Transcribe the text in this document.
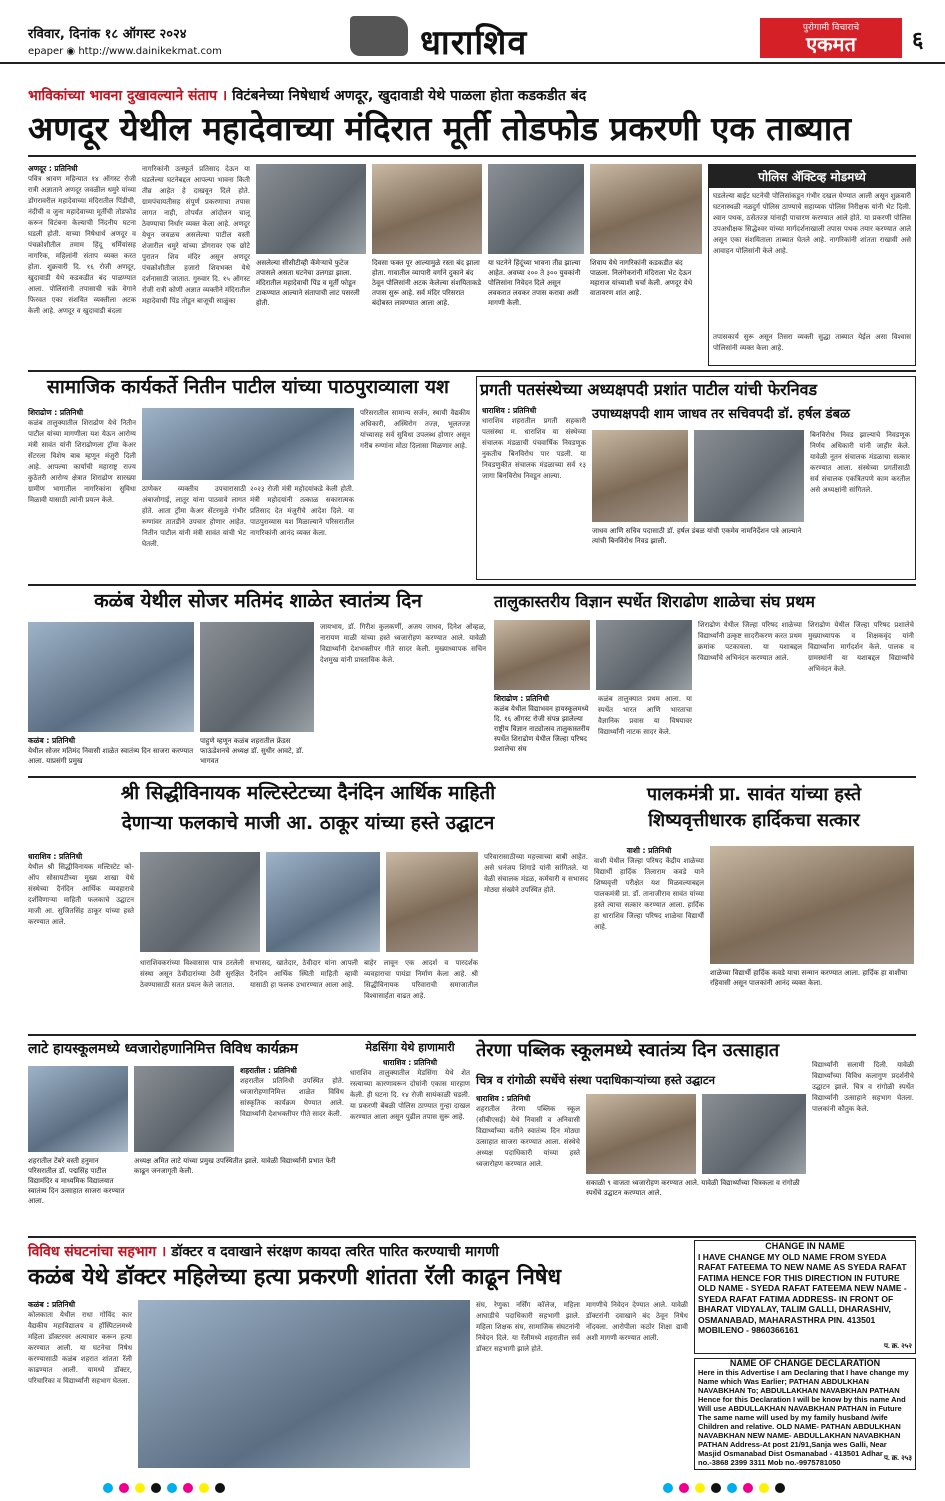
रविवार, दिनांक १८ ऑगस्ट २०२४
epaper ◉ http://www.dainikekmat.com	धाराशिव	पुरोगामी विचाराचे
एकमत	६
भाविकांच्या भावना दुखावल्याने संताप । विटंबनेच्या निषेधार्थ अणदूर, खुदावाडी येथे पाळला होता कडकडीत बंद
अणदूर येथील महादेवाच्या मंदिरात मूर्ती तोडफोड प्रकरणी एक ताब्यात
अणदूर : प्रतिनिधी
पवित्र श्रावण महिन्यात १४ ऑगस्ट रोजी रात्री अज्ञाताने अणदूर जवळील धमुरे यांच्या डोंगरावरील महादेवाच्या मंदिरातील पिंडीची, नंदीची व जुना महादेवाच्या मूर्तीची तोडफोड करून विटंबना केल्याची निंदनीय घटना घडली होती. याच्या निषेधार्थ अणदूर व पंचक्रोशीतील तमाम हिंदू धर्मियांसह नागरिक, महिलांनी संताप व्यक्त करत होता. शुक्रवारी दि. १६ रोजी अणदूर, खुदावाडी येथे कडकडीत बंद पाळण्यात आला. पोलिसांनी तपासाची चक्रे वेगाने फिरवत एका संशयित व्यक्तीला अटक केली आहे. अणदूर व खुदावाडी बंदला
नागरिकांनी उत्स्फूर्त प्रतिसाद देऊन या घडलेल्या घटनेबद्दल आपल्या भावना किती तीव्र आहेत हे दाखवून दिले होते. ग्रामपंचायतीसह संपूर्ण प्रकरणाचा तपास लागत नाही, तोपर्यंत आंदोलन चालू ठेवण्याचा निर्धार व्यक्त केला आहे. अणदूर येथून जवळच असलेल्या पाटील वस्ती शेजारील धमुरे यांच्या डोंगरावर एक छोटे पुरातन शिव मंदिर असून अणदूर पंचक्रोशीतील हजारो शिवभक्त येथे दर्शनासाठी जातात. गुरुवार दि. १५ ऑगस्ट रोजी रात्री कोणी अज्ञात व्यक्तीने मंदिरातील महादेवाची पिंड तोडून बाजूची साळुंका
असलेल्या सीसीटीव्ही कॅमेऱ्याचे फुटेज तपासले असता घटनेचा उलगडा झाला. मंदिरातील महादेवाची पिंड व मूर्ती फोडून टाकण्यात आल्याने संतापाची लाट पसरली होती.
दिवसा फक्त पूर आल्यामुळे रस्ता बंद झाला होता. गावातील व्यापारी वर्गाने दुकाने बंद ठेवून पोलिसांनी अटक केलेल्या संशयिताकडे तपास सुरू आहे. सर्व मंदिर परिसरात बंदोबस्त लावण्यात आला आहे.
या घटनेने हिंदूंच्या भावना तीव्र झाल्या आहेत. अवघ्या २०० ते ३०० युवकांनी पोलिसांना निवेदन दिले असून लवकरात लवकर तपास करावा अशी मागणी केली.
शिवाय येथे नागरिकांनी कडकडीत बंद पाळला. निलंगेकरांनी मंदिराला भेट देऊन महाराज यांच्याशी चर्चा केली. अणदूर येथे वातावरण शांत आहे.
पोलिस ॲक्टिव्ह मोडमध्ये
घडलेल्या बाईट घटनेची पोलिसांकडून गंभीर दखल घेण्यात आली असून शुक्रवारी घटनास्थळी नळदुर्ग पोलिस ठाण्याचे सहाय्यक पोलिस निरीक्षक यांनी भेट दिली. श्वान पथक, ठसेतज्ज्ञ यांनाही पाचारण करण्यात आले होते. या प्रकरणी पोलिस उपअधीक्षक सिद्धेश्वर यांच्या मार्गदर्शनाखाली तपास पथक तयार करण्यात आले असून एका संशयिताला ताब्यात घेतले आहे. नागरिकांनी शांतता राखावी असे आवाहन पोलिसांनी केले आहे.
तपासकार्य सुरू असून तिसरा व्यक्ती सुद्धा ताब्यात येईल असा विश्वास पोलिसांनी व्यक्त केला आहे.
सामाजिक कार्यकर्ते नितीन पाटील यांच्या पाठपुराव्याला यश
शिराढोण : प्रतिनिधी
कळंब तालुक्यातील शिराढोण येथे नितीन पाटील यांच्या मागणीला यश येऊन आरोग्य मंत्री सावंत यांनी शिराढोणला ट्रॉमा केअर सेंटरला विशेष बाब म्हणून मंजुरी दिली आहे. आपल्या कार्याची महाराष्ट्र राज्य कुठेतरी आरोग्य क्षेत्रात शिराढोण सारख्या ग्रामीण भागातील नागरिकांना सुविधा मिळावी यासाठी त्यांनी प्रयत्न केले.
ठाणेकर व्यक्तीच उपचारासाठी अंबाजोगाई, लातूर यांना पाठवावे लागत होते. आता ट्रॉमा केअर सेंटरमुळे गंभीर रुग्णांवर तातडीने उपचार होणार आहेत. नितीन पाटील यांनी मंत्री सावंत यांची भेट घेतली.
२०२३ रोजी मंत्री महोदयांकडे केली होती. मंत्री महोदयांनी तत्काळ सकारात्मक प्रतिसाद देत मंजुरीचे आदेश दिले. या पाठपुराव्यास यश मिळाल्याने परिसरातील नागरिकांनी आनंद व्यक्त केला.
परिसरातील सामान्य सर्जन, स्थायी वैद्यकीय अधिकारी, अस्थिरोग तज्ज्ञ, भूलतज्ज्ञ यांच्यासह सर्व सुविधा उपलब्ध होणार असून गरीब रुग्णांना मोठा दिलासा मिळणार आहे.
प्रगती पतसंस्थेच्या अध्यक्षपदी प्रशांत पाटील यांची फेरनिवड
धाराशिव : प्रतिनिधी
धाराशिव शहरातील प्रगती सहकारी पतसंस्था म. धाराशिव या संस्थेच्या संचालक मंडळाची पंचवार्षिक निवडणूक नुकतीच बिनविरोध पार पडली. या निवडणुकीत संचालक मंडळाच्या सर्व १३ जागा बिनविरोध निवडून आल्या.
उपाध्यक्षपदी शाम जाधव तर सचिवपदी डॉ. हर्षल डंबळ
जाधव आणि सचिव पदासाठी डॉ. हर्षल डंबळ यांची एकमेव नामनिर्देशन पत्रे आल्याने त्यांची बिनविरोध निवड झाली.
बिनविरोध निवड झाल्याचे निवडणूक निर्णय अधिकारी यांनी जाहीर केले. यावेळी नूतन संचालक मंडळाचा सत्कार करण्यात आला. संस्थेच्या प्रगतीसाठी सर्व संचालक एकत्रितपणे काम करतील असे अध्यक्षांनी सांगितले.
कळंब येथील सोजर मतिमंद शाळेत स्वातंत्र्य दिन
कळंब : प्रतिनिधी
येथील सोजर मतिमंद निवासी शाळेत स्वातंत्र्य दिन साजरा करण्यात आला. याप्रसंगी प्रमुख
पाहुणे म्हणून कळंब शहरातील फ्रेंडस फाऊंडेशनचे अध्यक्ष डॉ. सुधीर आवटे, डॉ. भागवत
जायभाय, डॉ. गिरीश कुलकर्णी, अजय जाधव, दिनेश ओव्हळ, नारायण माळी यांच्या हस्ते ध्वजारोहण करण्यात आले. यावेळी विद्यार्थ्यांनी देशभक्तीपर गीते सादर केली. मुख्याध्यापक सचिन देशमुख यांनी प्रास्ताविक केले.
तालुकास्तरीय विज्ञान स्पर्धेत शिराढोण शाळेचा संघ प्रथम
शिराढोण : प्रतिनिधी
कळंब येथील विद्याभवन हायस्कूलमध्ये दि. १६ ऑगस्ट रोजी संपन्न झालेल्या राष्ट्रीय विज्ञान नाट्योत्सव तालुकास्तरीय स्पर्धेत शिराढोण येथील जिल्हा परिषद प्रशालेचा संघ
कळंब तालुक्यात प्रथम आला. या स्पर्धेत भारत आणि भारताचा वैज्ञानिक प्रवास या विषयावर विद्यार्थ्यांनी नाटक सादर केले.
शिराढोण येथील जिल्हा परिषद शाळेच्या विद्यार्थ्यांनी उत्कृष्ट सादरीकरण करत प्रथम क्रमांक पटकावला. या यशाबद्दल विद्यार्थ्यांचे अभिनंदन करण्यात आले.
शिराढोण येथील जिल्हा परिषद प्रशालेचे मुख्याध्यापक व शिक्षकवृंद यांनी विद्यार्थ्यांना मार्गदर्शन केले. पालक व ग्रामस्थांनी या यशाबद्दल विद्यार्थ्यांचे अभिनंदन केले.
श्री सिद्धीविनायक मल्टिस्टेटच्या दैनंदिन आर्थिक माहिती
देणाऱ्या फलकाचे माजी आ. ठाकूर यांच्या हस्ते उद्घाटन
धाराशिव : प्रतिनिधी
येथील श्री सिद्धीविनायक मल्टिस्टेट को-ऑप सोसायटीच्या मुख्य शाखा येथे संस्थेच्या दैनंदिन आर्थिक व्यवहाराचे दर्शविणाऱ्या माहिती फलकाचे उद्घाटन माजी आ. सुजितसिंह ठाकूर यांच्या हस्ते करण्यात आले.
धाराशिवकरांच्या विश्वासास पात्र ठरलेली संस्था असून ठेवीदारांच्या ठेवी सुरक्षित ठेवण्यासाठी सतत प्रयत्न केले जातात.
सभासद, खातेदार, ठेवीदार यांना आपली दैनंदिन आर्थिक स्थिती माहिती व्हावी यासाठी हा फलक उभारण्यात आला आहे.
बाहेर लावून एक आदर्श व पारदर्शक व्यवहाराचा पायंडा निर्माण केला आहे. श्री सिद्धीविनायक परिवाराची समाजातील विश्वासार्हता वाढत आहे.
परिवारासाठीच्या महत्त्वाच्या बाबी आहेत. असे धनंजय शिंगाडे यांनी सांगितले. या वेळी संचालक मंडळ, कर्मचारी व सभासद मोठ्या संख्येने उपस्थित होते.
पालकमंत्री प्रा. सावंत यांच्या हस्ते
शिष्यवृत्तीधारक हार्दिकचा सत्कार
वाशी : प्रतिनिधी
वाशी येथील जिल्हा परिषद केंद्रीय शाळेच्या विद्यार्थी हार्दिक तिलाराम कवडे याने शिष्यवृत्ती परीक्षेत यश मिळवल्याबद्दल पालकमंत्री प्रा. डॉ. तानाजीराव सावंत यांच्या हस्ते त्याचा सत्कार करण्यात आला. हार्दिक हा धाराशिव जिल्हा परिषद शाळेचा विद्यार्थी आहे.
शाळेच्या विद्यार्थी हार्दिक कवडे याचा सन्मान करण्यात आला. हार्दिक हा वाशीचा रहिवासी असून पालकांनी आनंद व्यक्त केला.
लाटे हायस्कूलमध्ये ध्वजारोहणानिमित्त विविध कार्यक्रम
शहरातील : प्रतिनिधी
शहरातील प्रतिनिधी उपस्थित होते. ध्वजारोहणानिमित्त शाळेत विविध सांस्कृतिक कार्यक्रम घेण्यात आले. विद्यार्थ्यांनी देशभक्तीपर गीते सादर केली.
शहरातील टेंबरे वस्ती हनुमान परिसरातील डॉ. पद्मसिंह पाटील विद्यामंदिर व माध्यमिक विद्यालयात स्वातंत्र्य दिन उत्साहात साजरा करण्यात आला.
अध्यक्ष अमित लाटे यांच्या प्रमुख उपस्थितीत झाले. यावेळी विद्यार्थ्यांनी प्रभात फेरी काढून जनजागृती केली.
मेडसिंगा येथे हाणामारी
धाराशिव : प्रतिनिधी
धाराशिव तालुक्यातील मेडसिंगा येथे शेत रस्त्याच्या कारणावरून दोघांनी एकास मारहाण केली. ही घटना दि. १४ रोजी सायंकाळी घडली. या प्रकरणी बेंबळी पोलिस ठाण्यात गुन्हा दाखल करण्यात आला असून पुढील तपास सुरू आहे.
तेरणा पब्लिक स्कूलमध्ये स्वातंत्र्य दिन उत्साहात
चित्र व रांगोळी स्पर्धेचे संस्था पदाधिकाऱ्यांच्या हस्ते उद्घाटन
धाराशिव : प्रतिनिधी
शहरातील तेरणा पब्लिक स्कूल (सीबीएसई) येथे निवासी व अनिवासी विद्यार्थ्यांच्या वतीने स्वातंत्र्य दिन मोठ्या उत्साहात साजरा करण्यात आला. संस्थेचे अध्यक्ष पदाधिकारी यांच्या हस्ते ध्वजारोहण करण्यात आले.
सकाळी ९ वाजता ध्वजारोहण करण्यात आले. यावेळी विद्यार्थ्यांच्या चित्रकला व रांगोळी स्पर्धेचे उद्घाटन करण्यात आले.
विद्यार्थ्यांनी सलामी दिली. यावेळी विद्यार्थ्यांच्या विविध कलागुण प्रदर्शनीचे उद्घाटन झाले. चित्र व रांगोळी स्पर्धेत विद्यार्थ्यांनी उत्साहाने सहभाग घेतला. पालकांनी कौतुक केले.
विविध संघटनांचा सहभाग । डॉक्टर व दवाखाने संरक्षण कायदा त्वरित पारित करण्याची मागणी
कळंब येथे डॉक्टर महिलेच्या हत्या प्रकरणी शांतता रॅली काढून निषेध
कळंब : प्रतिनिधी
कोलकाता येथील राधा गोविंद कार वैद्यकीय महाविद्यालय व हॉस्पिटलमध्ये महिला डॉक्टरवर अत्याचार करून हत्या करण्यात आली. या घटनेचा निषेध करण्यासाठी कळंब शहरात शांतता रॅली काढण्यात आली. यामध्ये डॉक्टर, परिचारिका व विद्यार्थ्यांनी सहभाग घेतला.
संघ, रेणुका नर्सिंग कॉलेज, महिला आघाडीचे पदाधिकारी सहभागी झाले. महिला शिक्षक संघ, सामाजिक संघटनांनी निवेदन दिले. या रॅलीमध्ये शहरातील सर्व डॉक्टर सहभागी झाले होते.
मागणीचे निवेदन देण्यात आले. यावेळी डॉक्टरांनी दवाखाने बंद ठेवून निषेध नोंदवला. आरोपीला कठोर शिक्षा द्यावी अशी मागणी करण्यात आली.
CHANGE IN NAME
I HAVE CHANGE MY OLD NAME FROM SYEDA RAFAT FATEEMA TO NEW NAME AS SYEDA RAFAT FATIMA HENCE FOR THIS DIRECTION IN FUTURE OLD NAME - SYEDA RAFAT FATEEMA NEW NAME - SYEDA RAFAT FATIMA ADDRESS- IN FRONT OF BHARAT VIDYALAY, TALIM GALLI, DHARASHIV, OSMANABAD, MAHARASTHRA PIN. 413501 MOBILENO - 9860366161
प. क्र. २५२
NAME OF CHANGE DECLARATION
Here in this Advertise I am Declaring that I have change my Name which Was Earlier; PATHAN ABDULKHAN NAVABKHAN To; ABDULLAKHAN NAVABKHAN PATHAN Hence for this Declaration I will be know by this name And Will use ABDULLAKHAN NAVABKHAN PATHAN in Future The same name will used by my family husband /wife Children and relative. OLD NAME- PATHAN ABDULKHAN NAVABKHAN NEW NAME- ABDULLAKHAN NAVABKHAN PATHAN Address-At post 21/91,Sanja wes Galli, Near Masjid Osmanabad Dist Osmanabad - 413501 Adhar no.-3868 2399 3311 Mob no.-9975781050	प. क्र. २५३
